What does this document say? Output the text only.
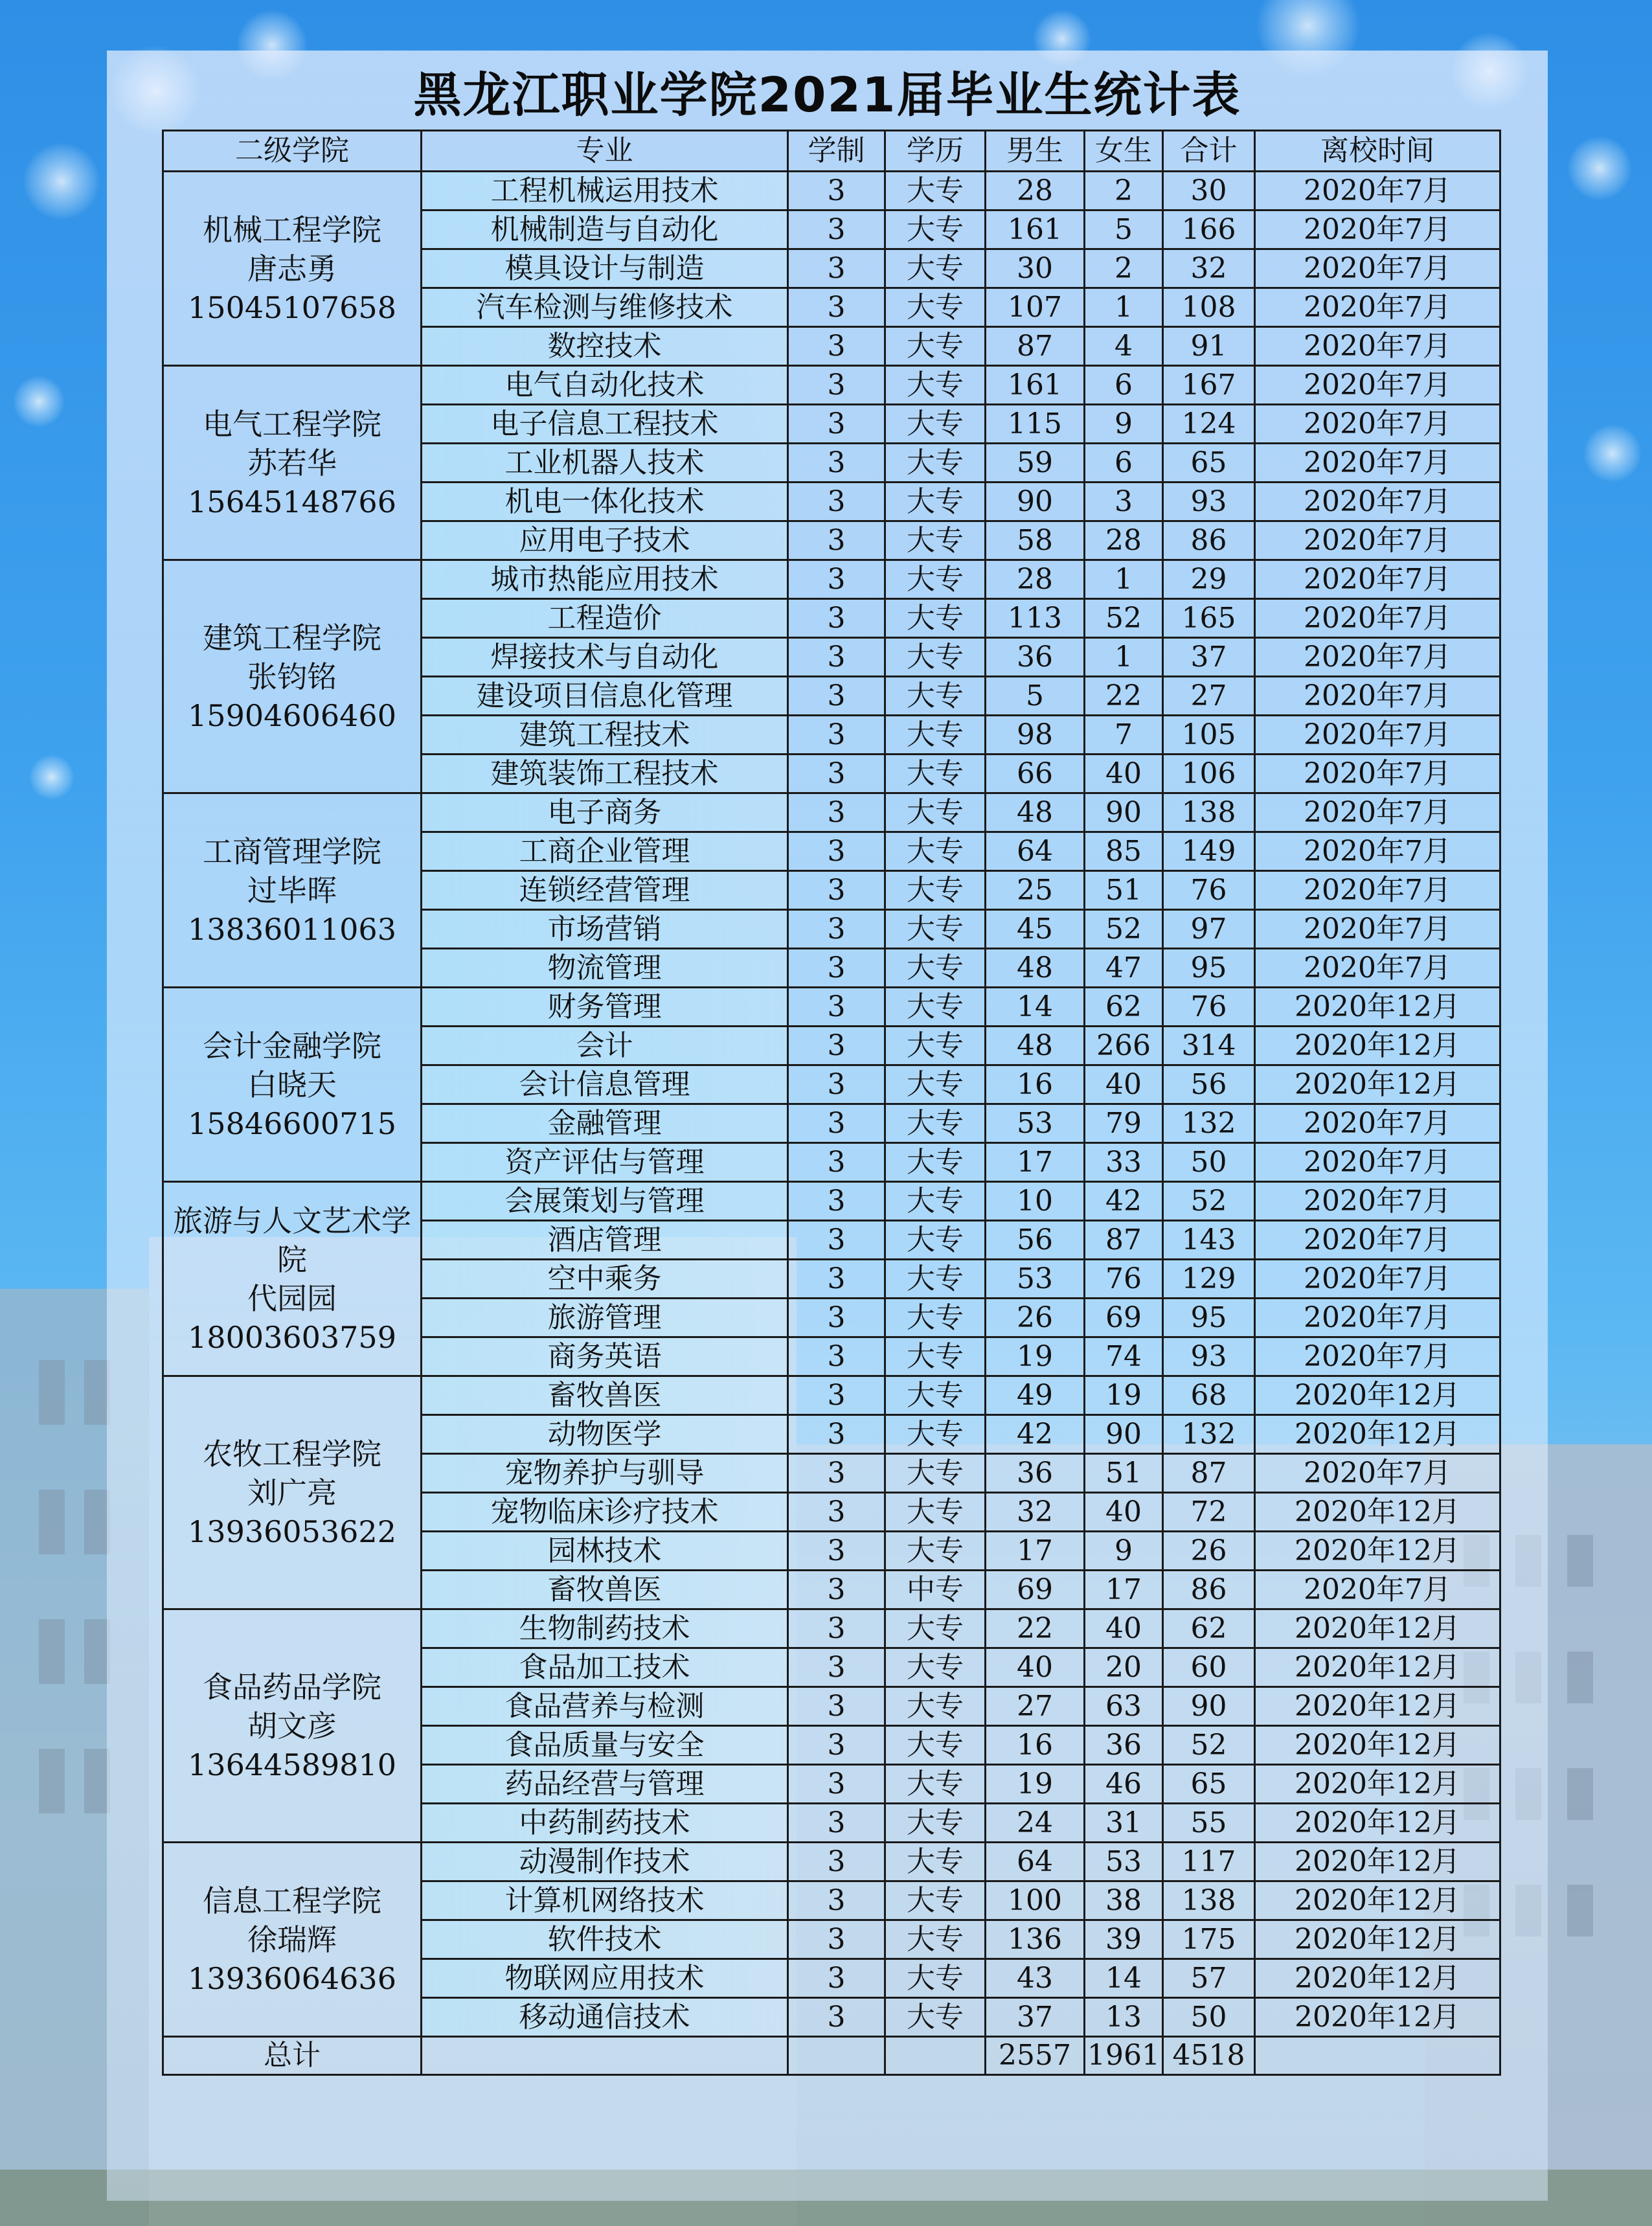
黑龙江职业学院2021届毕业生统计表
二级学院	专业	学制	学历	男生	女生	合计	离校时间

机械工程学院
唐志勇
15045107658	工程机械运用技术	3	大专	28	2	30	2020年7月
	机械制造与自动化	3	大专	161	5	166	2020年7月
	模具设计与制造	3	大专	30	2	32	2020年7月
	汽车检测与维修技术	3	大专	107	1	108	2020年7月
	数控技术	3	大专	87	4	91	2020年7月

电气工程学院
苏若华
15645148766	电气自动化技术	3	大专	161	6	167	2020年7月
	电子信息工程技术	3	大专	115	9	124	2020年7月
	工业机器人技术	3	大专	59	6	65	2020年7月
	机电一体化技术	3	大专	90	3	93	2020年7月
	应用电子技术	3	大专	58	28	86	2020年7月

建筑工程学院
张钧铭
15904606460	城市热能应用技术	3	大专	28	1	29	2020年7月
	工程造价	3	大专	113	52	165	2020年7月
	焊接技术与自动化	3	大专	36	1	37	2020年7月
	建设项目信息化管理	3	大专	5	22	27	2020年7月
	建筑工程技术	3	大专	98	7	105	2020年7月
	建筑装饰工程技术	3	大专	66	40	106	2020年7月

工商管理学院
过毕晖
13836011063	电子商务	3	大专	48	90	138	2020年7月
	工商企业管理	3	大专	64	85	149	2020年7月
	连锁经营管理	3	大专	25	51	76	2020年7月
	市场营销	3	大专	45	52	97	2020年7月
	物流管理	3	大专	48	47	95	2020年7月

会计金融学院
白晓天
15846600715	财务管理	3	大专	14	62	76	2020年12月
	会计	3	大专	48	266	314	2020年12月
	会计信息管理	3	大专	16	40	56	2020年12月
	金融管理	3	大专	53	79	132	2020年7月
	资产评估与管理	3	大专	17	33	50	2020年7月

旅游与人文艺术学院
代园园
18003603759	会展策划与管理	3	大专	10	42	52	2020年7月
	酒店管理	3	大专	56	87	143	2020年7月
	空中乘务	3	大专	53	76	129	2020年7月
	旅游管理	3	大专	26	69	95	2020年7月
	商务英语	3	大专	19	74	93	2020年7月

农牧工程学院
刘广亮
13936053622	畜牧兽医	3	大专	49	19	68	2020年12月
	动物医学	3	大专	42	90	132	2020年12月
	宠物养护与驯导	3	大专	36	51	87	2020年7月
	宠物临床诊疗技术	3	大专	32	40	72	2020年12月
	园林技术	3	大专	17	9	26	2020年12月
	畜牧兽医	3	中专	69	17	86	2020年7月

食品药品学院
胡文彦
13644589810	生物制药技术	3	大专	22	40	62	2020年12月
	食品加工技术	3	大专	40	20	60	2020年12月
	食品营养与检测	3	大专	27	63	90	2020年12月
	食品质量与安全	3	大专	16	36	52	2020年12月
	药品经营与管理	3	大专	19	46	65	2020年12月
	中药制药技术	3	大专	24	31	55	2020年12月

信息工程学院
徐瑞辉
13936064636	动漫制作技术	3	大专	64	53	117	2020年12月
	计算机网络技术	3	大专	100	38	138	2020年12月
	软件技术	3	大专	136	39	175	2020年12月
	物联网应用技术	3	大专	43	14	57	2020年12月
	移动通信技术	3	大专	37	13	50	2020年12月
总计				2557	1961	4518	
